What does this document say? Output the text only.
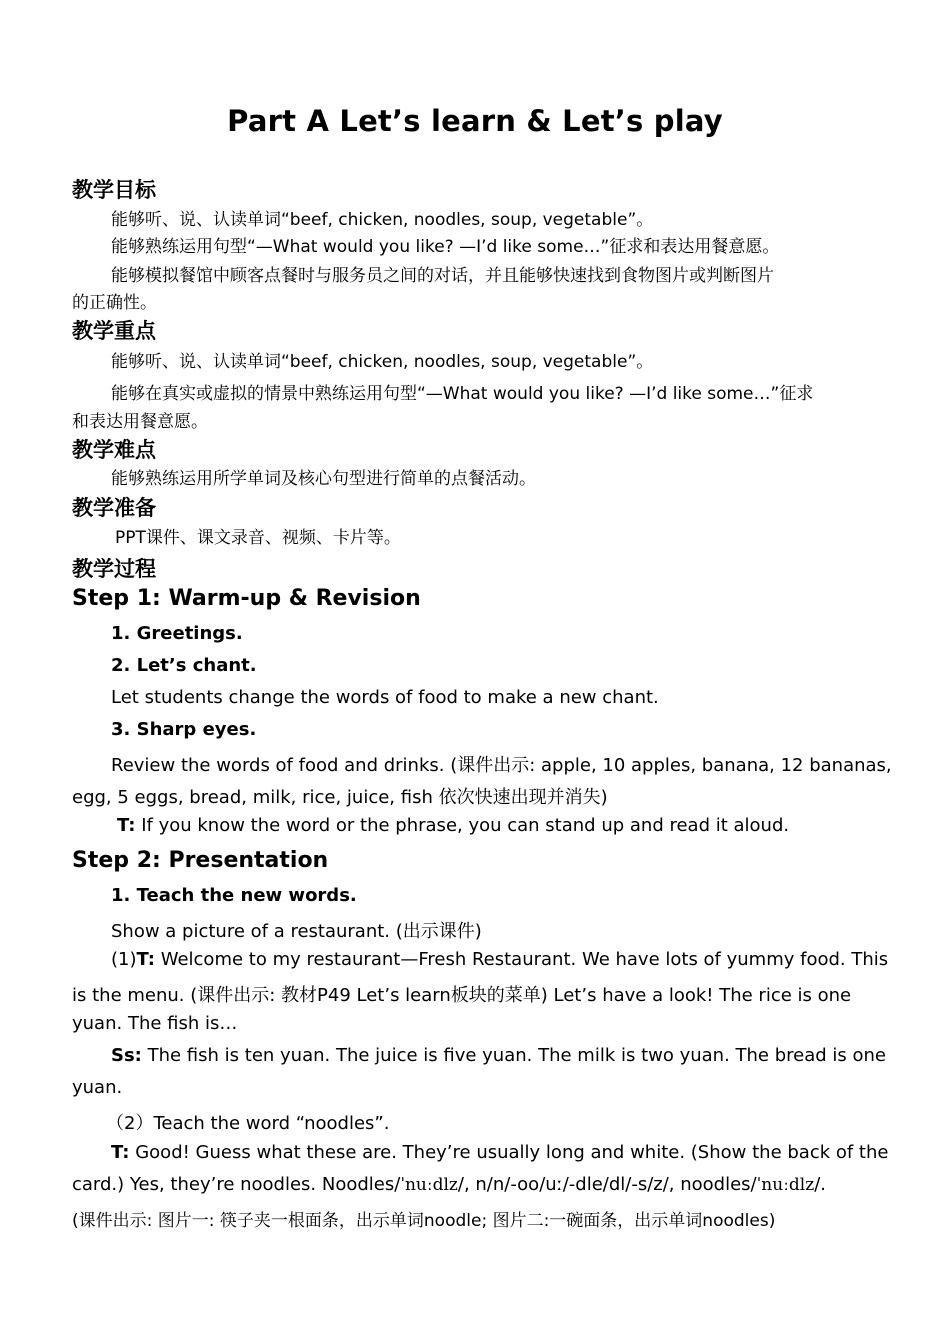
Part A Let’s learn & Let’s play
教学目标
能够听、说、认读单词“beef, chicken, noodles, soup, vegetable”。
能够熟练运用句型“—What would you like? —I’d like some…”征求和表达用餐意愿。
能够模拟餐馆中顾客点餐时与服务员之间的对话，并且能够快速找到食物图片或判断图片
的正确性。
教学重点
能够听、说、认读单词“beef, chicken, noodles, soup, vegetable”。
能够在真实或虚拟的情景中熟练运用句型“—What would you like? —I’d like some…”征求
和表达用餐意愿。
教学难点
能够熟练运用所学单词及核心句型进行简单的点餐活动。
教学准备
PPT课件、课文录音、视频、卡片等。
教学过程
Step 1: Warm-up & Revision
1. Greetings.
2. Let’s chant.
Let students change the words of food to make a new chant.
3. Sharp eyes.
Review the words of food and drinks. (课件出示: apple, 10 apples, banana, 12 bananas,
egg, 5 eggs, bread, milk, rice, juice, fish 依次快速出现并消失)
T: If you know the word or the phrase, you can stand up and read it aloud.
Step 2: Presentation
1. Teach the new words.
Show a picture of a restaurant. (出示课件)
(1)T: Welcome to my restaurant—Fresh Restaurant. We have lots of yummy food. This
is the menu. (课件出示: 教材P49 Let’s learn板块的菜单) Let’s have a look! The rice is one
yuan. The fish is…
Ss: The fish is ten yuan. The juice is five yuan. The milk is two yuan. The bread is one
yuan.
（2）Teach the word “noodles”.
T: Good! Guess what these are. They’re usually long and white. (Show the back of the
card.) Yes, they’re noodles. Noodles/ˈnuːdlz/, n/n/-oo/uː/-dle/dl/-s/z/, noodles/ˈnuːdlz/.
(课件出示: 图片一: 筷子夹一根面条，出示单词noodle; 图片二:一碗面条，出示单词noodles)
